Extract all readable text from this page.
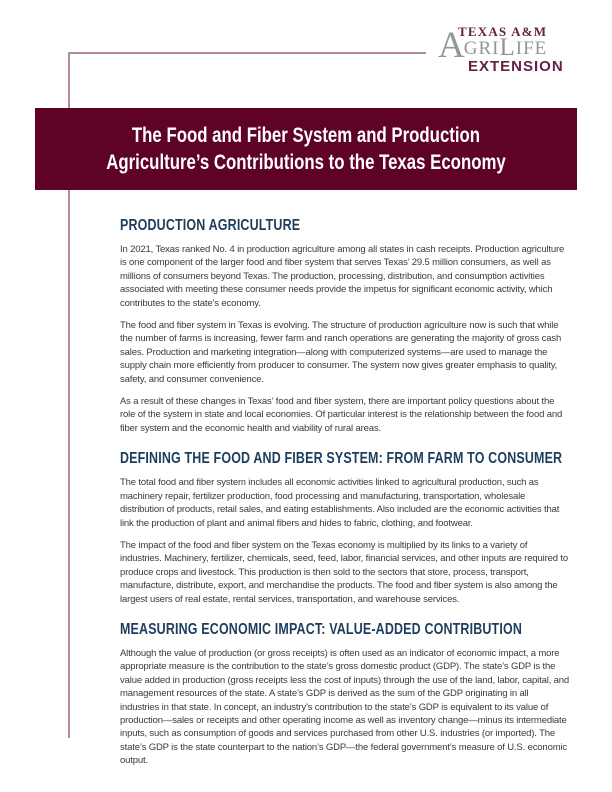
TEXAS A&M
AGRILIFE
EXTENSION
The Food and Fiber System and Production
Agriculture’s Contributions to the Texas Economy
PRODUCTION AGRICULTURE

In 2021, Texas ranked No. 4 in production agriculture among all states in cash receipts. Production agriculture is one component of the larger food and fiber system that serves Texas’ 29.5 million consumers, as well as millions of consumers beyond Texas. The production, processing, distribution, and consumption activities associated with meeting these consumer needs provide the impetus for significant economic activity, which contributes to the state’s economy.

The food and fiber system in Texas is evolving. The structure of production agriculture now is such that while the number of farms is increasing, fewer farm and ranch operations are generating the majority of gross cash sales. Production and marketing integration—along with computerized systems—are used to manage the supply chain more efficiently from producer to consumer. The system now gives greater emphasis to quality, safety, and consumer convenience.

As a result of these changes in Texas’ food and fiber system, there are important policy questions about the role of the system in state and local economies. Of particular interest is the relationship between the food and fiber system and the economic health and viability of rural areas.

DEFINING THE FOOD AND FIBER SYSTEM: FROM FARM TO CONSUMER

The total food and fiber system includes all economic activities linked to agricultural production, such as machinery repair, fertilizer production, food processing and manufacturing, transportation, wholesale distribution of products, retail sales, and eating establishments. Also included are the economic activities that link the production of plant and animal fibers and hides to fabric, clothing, and footwear.

The impact of the food and fiber system on the Texas economy is multiplied by its links to a variety of industries. Machinery, fertilizer, chemicals, seed, feed, labor, financial services, and other inputs are required to produce crops and livestock. This production is then sold to the sectors that store, process, transport, manufacture, distribute, export, and merchandise the products. The food and fiber system is also among the largest users of real estate, rental services, transportation, and warehouse services.

MEASURING ECONOMIC IMPACT: VALUE-ADDED CONTRIBUTION

Although the value of production (or gross receipts) is often used as an indicator of economic impact, a more appropriate measure is the contribution to the state’s gross domestic product (GDP). The state’s GDP is the value added in production (gross receipts less the cost of inputs) through the use of the land, labor, capital, and management resources of the state. A state’s GDP is derived as the sum of the GDP originating in all industries in that state. In concept, an industry’s contribution to the state’s GDP is equivalent to its value of production—sales or receipts and other operating income as well as inventory change—minus its intermediate inputs, such as consumption of goods and services purchased from other U.S. industries (or imported). The state’s GDP is the state counterpart to the nation’s GDP—the federal government’s measure of U.S. economic output.
